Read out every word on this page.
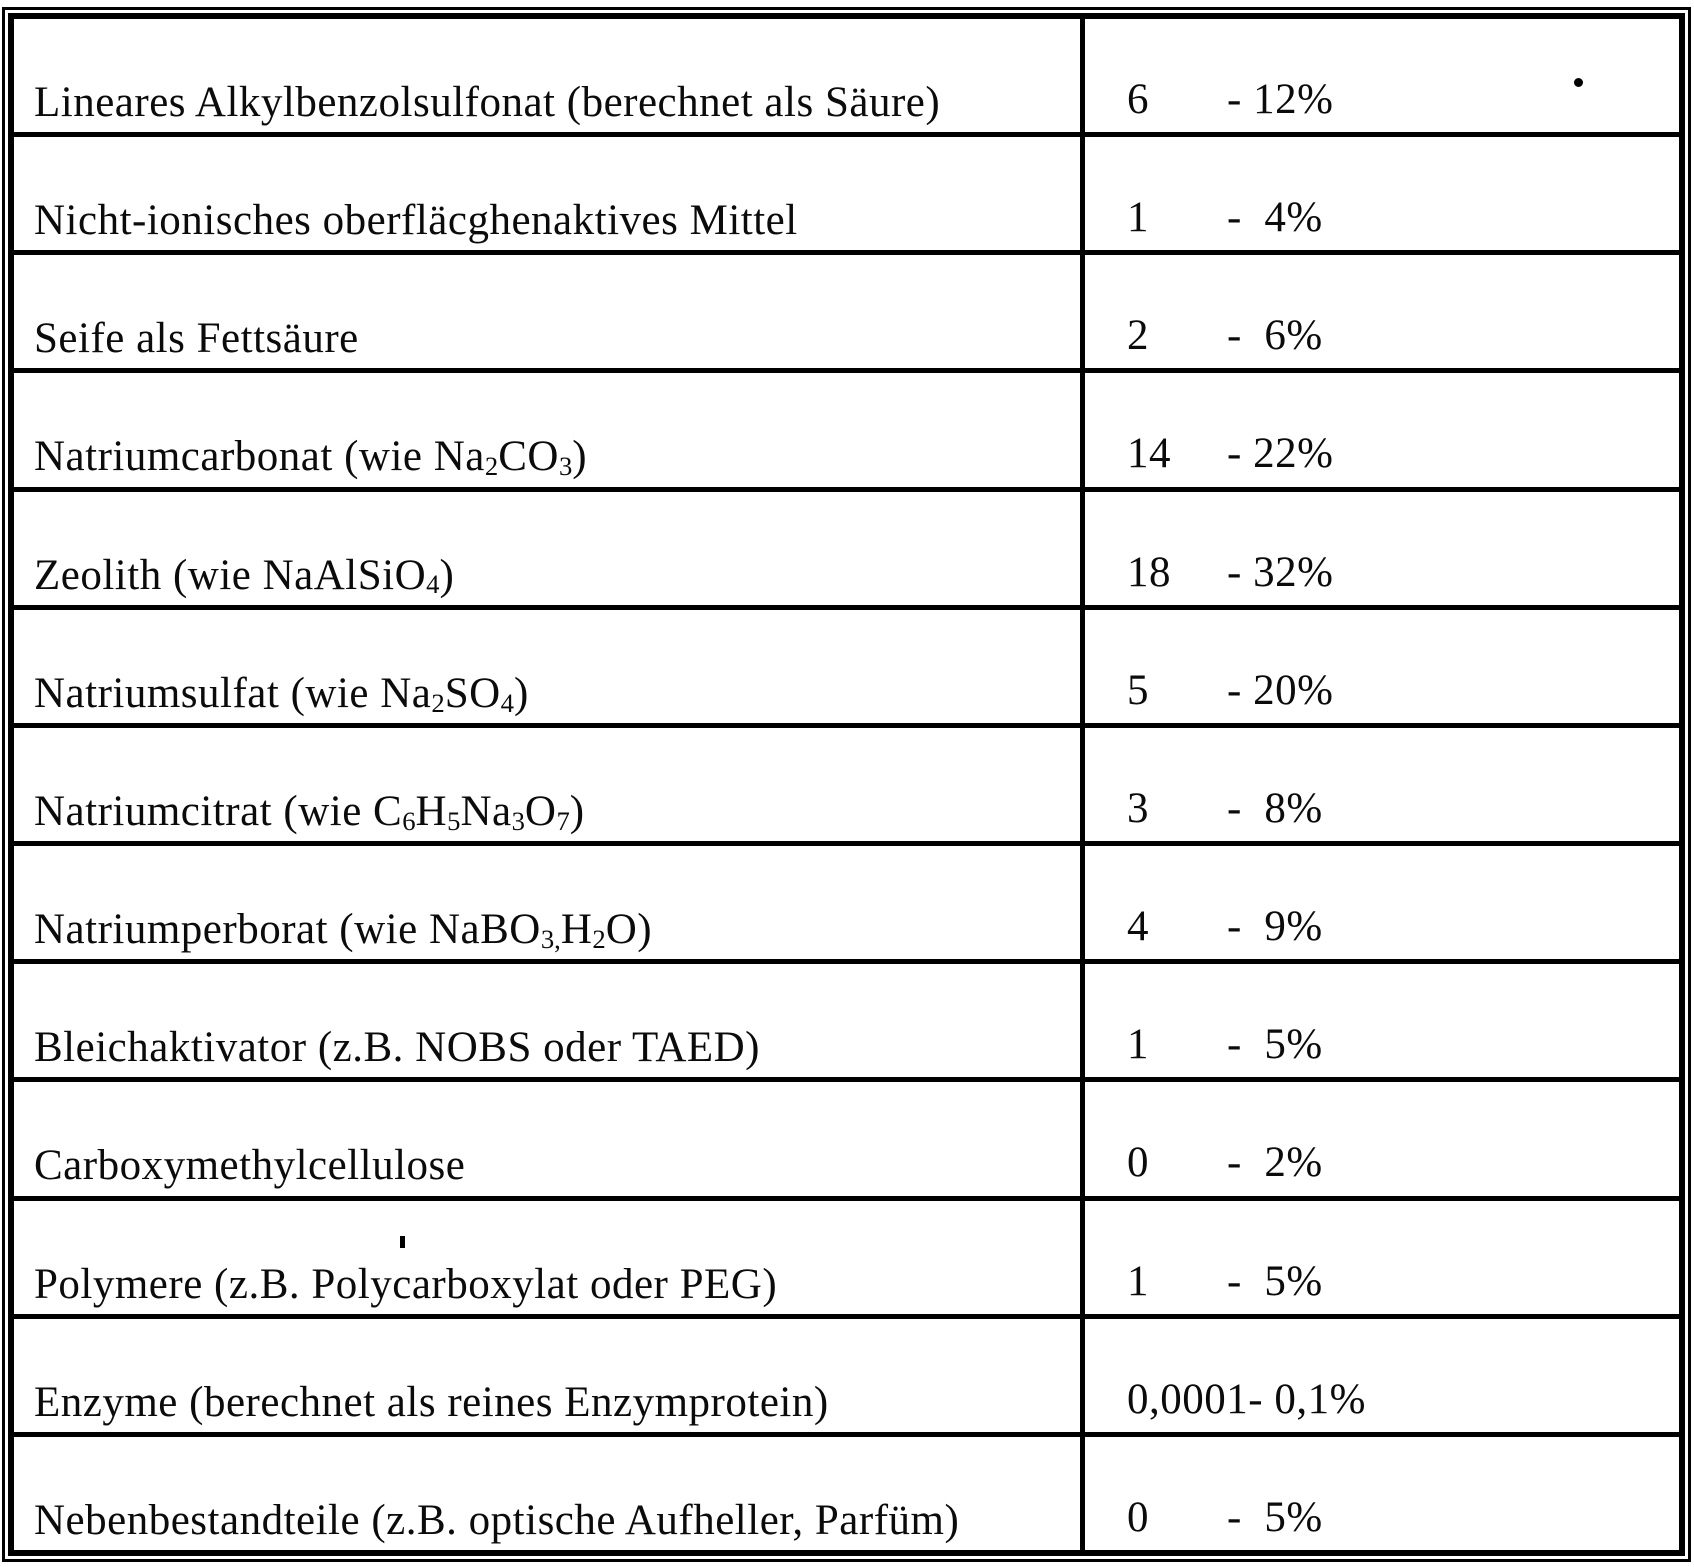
Lineares Alkylbenzolsulfonat (berechnet als Säure)	6	- 12%
Nicht-ionisches oberfläcghenaktives Mittel	1	-  4%
Seife als Fettsäure	2	-  6%
Natriumcarbonat (wie $Na_2CO_3$)	14	- 22%
Zeolith (wie NaAlSiO$_4$)	18	- 32%
Natriumsulfat (wie $Na_2SO_4$)	5	- 20%
Natriumcitrat (wie $C_6H_5Na_3O_7$)	3	-  8%
Natriumperborat (wie $NaBO_{3,}H_2O$)	4	-  9%
Bleichaktivator (z.B. NOBS oder TAED)	1	-  5%
Carboxymethylcellulose	0	-  2%
Polymere (z.B. Polycarboxylat oder PEG)	1	-  5%
Enzyme (berechnet als reines Enzymprotein)	0,0001 - 0,1%
Nebenbestandteile (z.B. optische Aufheller, Parfüm)	0	-  5%
